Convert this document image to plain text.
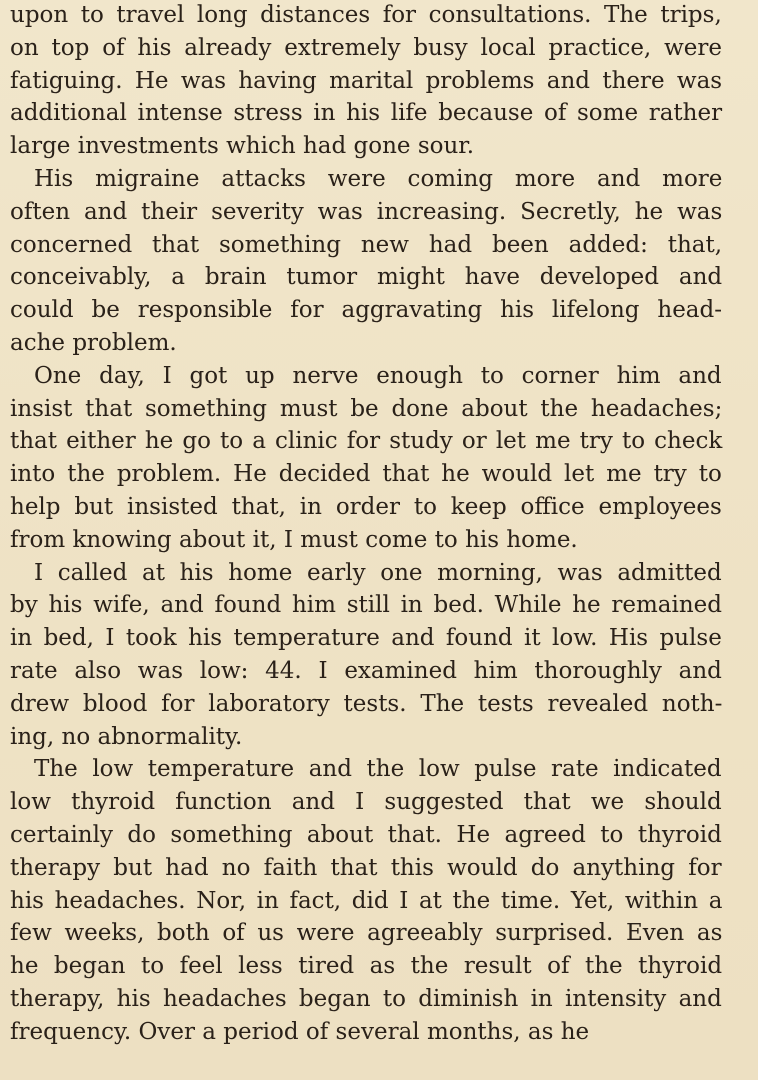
upon to travel long distances for consultations. The trips,
on top of his already extremely busy local practice, were
fatiguing. He was having marital problems and there was
additional intense stress in his life because of some rather
large investments which had gone sour.
His migraine attacks were coming more and more
often and their severity was increasing. Secretly, he was
concerned that something new had been added: that,
conceivably, a brain tumor might have developed and
could be responsible for aggravating his lifelong head-
ache problem.
One day, I got up nerve enough to corner him and
insist that something must be done about the headaches;
that either he go to a clinic for study or let me try to check
into the problem. He decided that he would let me try to
help but insisted that, in order to keep office employees
from knowing about it, I must come to his home.
I called at his home early one morning, was admitted
by his wife, and found him still in bed. While he remained
in bed, I took his temperature and found it low. His pulse
rate also was low: 44. I examined him thoroughly and
drew blood for laboratory tests. The tests revealed noth-
ing, no abnormality.
The low temperature and the low pulse rate indicated
low thyroid function and I suggested that we should
certainly do something about that. He agreed to thyroid
therapy but had no faith that this would do anything for
his headaches. Nor, in fact, did I at the time. Yet, within a
few weeks, both of us were agreeably surprised. Even as
he began to feel less tired as the result of the thyroid
therapy, his headaches began to diminish in intensity and
frequency. Over a period of several months, as he
